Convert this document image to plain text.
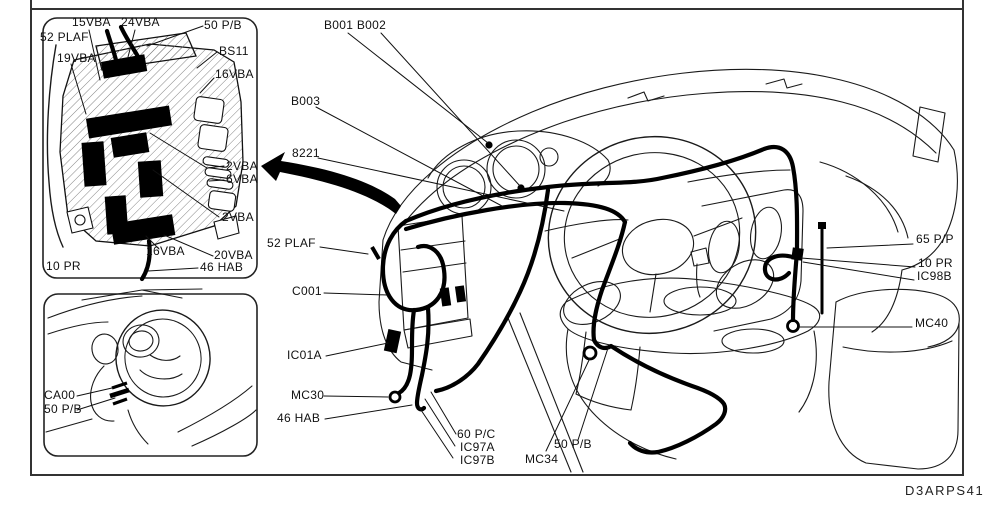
15VBA 24VBA	50 P/B
52 PLAF
19VBA	BS11
16VBA
2VBA
6VBA
2VBA
16VBA 20VBA
46 HAB
10 PR
CA00
50 P/B
B001 B002
B003
8221
52 PLAF
C001
IC01A
MC30
46 HAB
60 P/C
IC97A
IC97B	MC34
50 P/B
65 P/P
10 PR
IC98B
MC40
D3ARPS41
